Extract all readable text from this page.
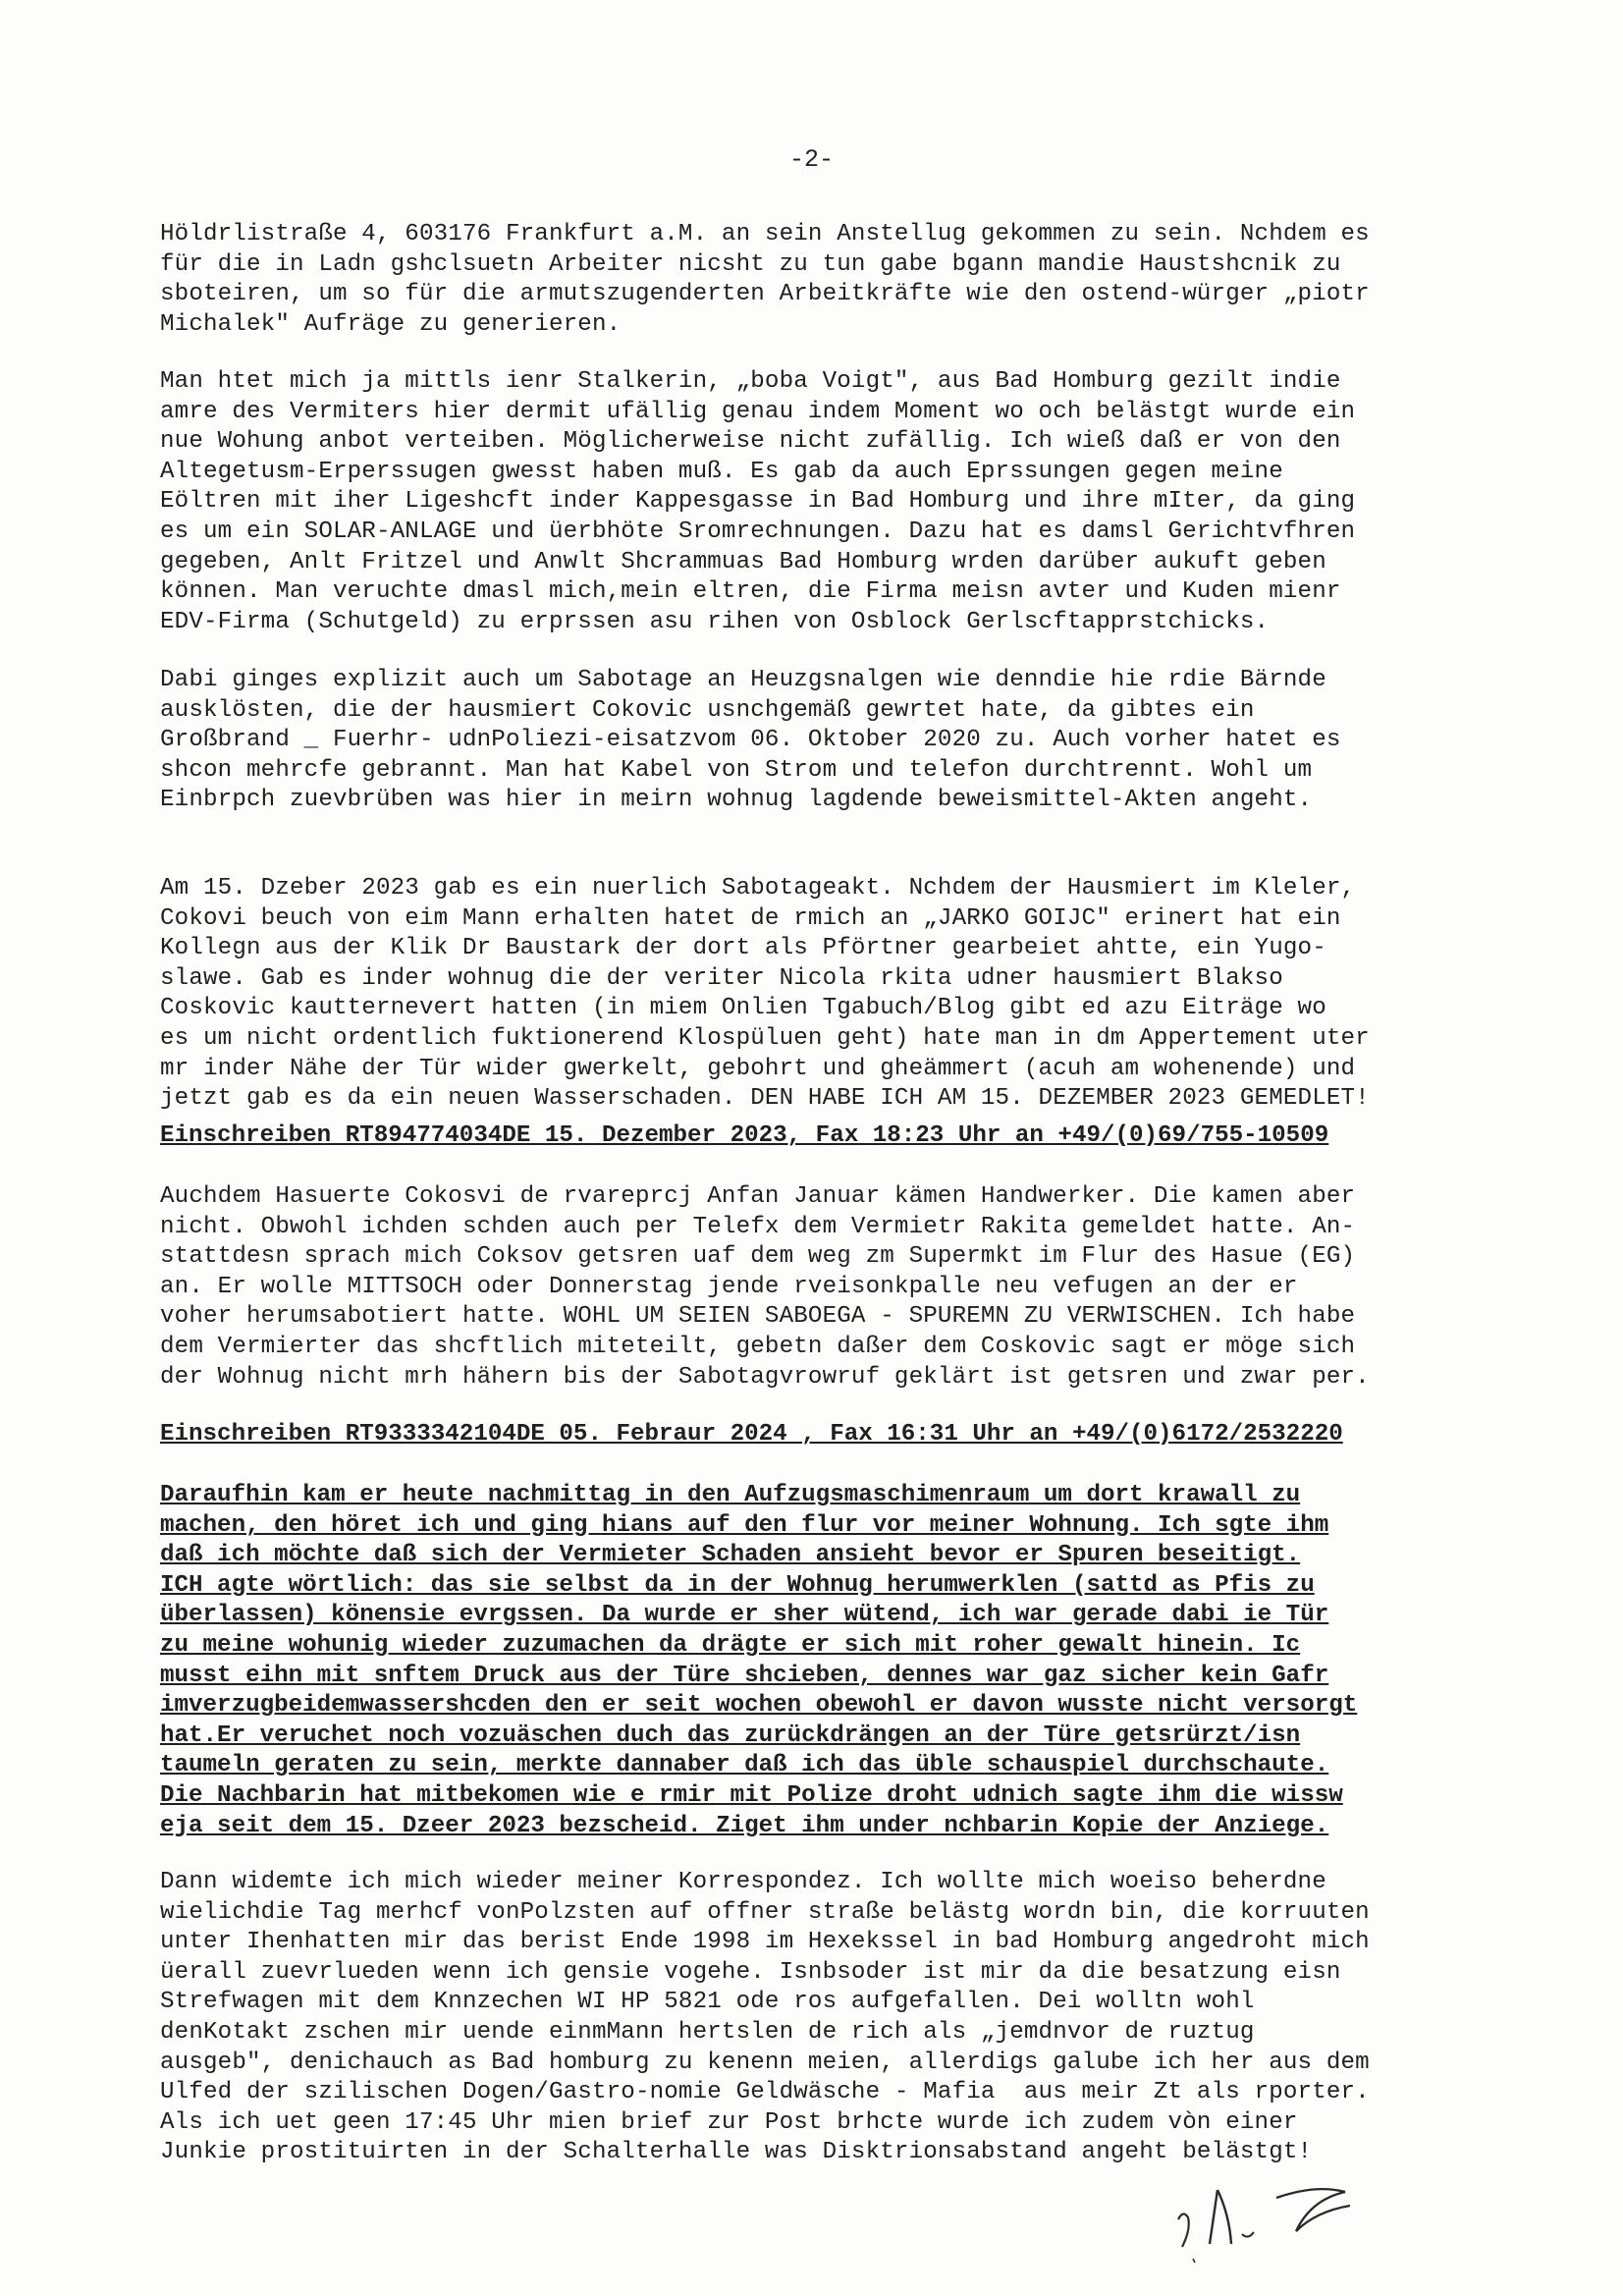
-2-

Höldrlistraße 4, 603176 Frankfurt a.M. an sein Anstellug gekommen zu sein. Nchdem es
für die in Ladn gshclsuetn Arbeiter nicsht zu tun gabe bgann mandie Haustshcnik zu
sboteiren, um so für die armutszugenderten Arbeitkräfte wie den ostend-würger „piotr
Michalek" Aufräge zu generieren.

Man htet mich ja mittls ienr Stalkerin, „boba Voigt", aus Bad Homburg gezilt indie
amre des Vermiters hier dermit ufällig genau indem Moment wo och belästgt wurde ein
nue Wohung anbot verteiben. Möglicherweise nicht zufällig. Ich wieß daß er von den
Altegetusm-Erperssugen gwesst haben muß. Es gab da auch Eprssungen gegen meine
Eöltren mit iher Ligeshcft inder Kappesgasse in Bad Homburg und ihre mIter, da ging
es um ein SOLAR-ANLAGE und üerbhöte Sromrechnungen. Dazu hat es damsl Gerichtvfhren
gegeben, Anlt Fritzel und Anwlt Shcrammuas Bad Homburg wrden darüber aukuft geben
können. Man veruchte dmasl mich,mein eltren, die Firma meisn avter und Kuden mienr
EDV-Firma (Schutgeld) zu erprssen asu rihen von Osblock Gerlscftapprstchicks.

Dabi ginges explizit auch um Sabotage an Heuzgsnalgen wie denndie hie rdie Bärnde
ausklösten, die der hausmiert Cokovic usnchgemäß gewrtet hate, da gibtes ein
Großbrand _ Fuerhr- udnPoliezi-eisatzvom 06. Oktober 2020 zu. Auch vorher hatet es
shcon mehrcfe gebrannt. Man hat Kabel von Strom und telefon durchtrennt. Wohl um
Einbrpch zuevbrüben was hier in meirn wohnug lagdende beweismittel-Akten angeht.

Am 15. Dzeber 2023 gab es ein nuerlich Sabotageakt. Nchdem der Hausmiert im Kleler,
Cokovi beuch von eim Mann erhalten hatet de rmich an „JARKO GOIJC" erinert hat ein
Kollegn aus der Klik Dr Baustark der dort als Pförtner gearbeiet ahtte, ein Yugo-
slawe. Gab es inder wohnug die der veriter Nicola rkita udner hausmiert Blakso
Coskovic kautternevert hatten (in miem Onlien Tgabuch/Blog gibt ed azu Eiträge wo
es um nicht ordentlich fuktionerend Klospüluen geht) hate man in dm Appertement uter
mr inder Nähe der Tür wider gwerkelt, gebohrt und gheämmert (acuh am wohenende) und
jetzt gab es da ein neuen Wasserschaden. DEN HABE ICH AM 15. DEZEMBER 2023 GEMEDLET!

Einschreiben RT894774034DE 15. Dezember 2023, Fax 18:23 Uhr an +49/(0)69/755-10509

Auchdem Hasuerte Cokosvi de rvareprcj Anfan Januar kämen Handwerker. Die kamen aber
nicht. Obwohl ichden schden auch per Telefx dem Vermietr Rakita gemeldet hatte. An-
stattdesn sprach mich Coksov getsren uaf dem weg zm Supermkt im Flur des Hasue (EG)
an. Er wolle MITTSOCH oder Donnerstag jende rveisonkpalle neu vefugen an der er
voher herumsabotiert hatte. WOHL UM SEIEN SABOEGA - SPUREMN ZU VERWISCHEN. Ich habe
dem Vermierter das shcftlich miteteilt, gebetn daßer dem Coskovic sagt er möge sich
der Wohnug nicht mrh hähern bis der Sabotagvrowruf geklärt ist getsren und zwar per.

Einschreiben RT9333342104DE 05. Febraur 2024 , Fax 16:31 Uhr an +49/(0)6172/2532220

Daraufhin kam er heute nachmittag in den Aufzugsmaschimenraum um dort krawall zu
machen, den höret ich und ging hians auf den flur vor meiner Wohnung. Ich sgte ihm
daß ich möchte daß sich der Vermieter Schaden ansieht bevor er Spuren beseitigt.
ICH agte wörtlich: das sie selbst da in der Wohnug herumwerklen (sattd as Pfis zu
überlassen) könensie evrgssen. Da wurde er sher wütend, ich war gerade dabi ie Tür
zu meine wohunig wieder zuzumachen da drägte er sich mit roher gewalt hinein. Ic
musst eihn mit snftem Druck aus der Türe shcieben, dennes war gaz sicher kein Gafr
imverzugbeidemwassershcden den er seit wochen obewohl er davon wusste nicht versorgt
hat.Er veruchet noch vozuäschen duch das zurückdrängen an der Türe getsrürzt/isn
taumeln geraten zu sein, merkte dannaber daß ich das üble schauspiel durchschaute.
Die Nachbarin hat mitbekomen wie e rmir mit Polize droht udnich sagte ihm die wissw
eja seit dem 15. Dzeer 2023 bezscheid. Ziget ihm under nchbarin Kopie der Anziege.

Dann widemte ich mich wieder meiner Korrespondez. Ich wollte mich woeiso beherdne
wielichdie Tag merhcf vonPolzsten auf offner straße belästg wordn bin, die korruuten
unter Ihenhatten mir das berist Ende 1998 im Hexekssel in bad Homburg angedroht mich
üerall zuevrlueden wenn ich gensie vogehe. Isnbsoder ist mir da die besatzung eisn
Strefwagen mit dem Knnzechen WI HP 5821 ode ros aufgefallen. Dei wolltn wohl
denKotakt zschen mir uende einmMann hertslen de rich als „jemdnvor de ruztug
ausgeb", denichauch as Bad homburg zu kenenn meien, allerdigs galube ich her aus dem
Ulfed der szilischen Dogen/Gastro-nomie Geldwäsche - Mafia  aus meir Zt als rporter.
Als ich uet geen 17:45 Uhr mien brief zur Post brhcte wurde ich zudem vòn einer
Junkie prostituirten in der Schalterhalle was Disktrionsabstand angeht belästgt!
